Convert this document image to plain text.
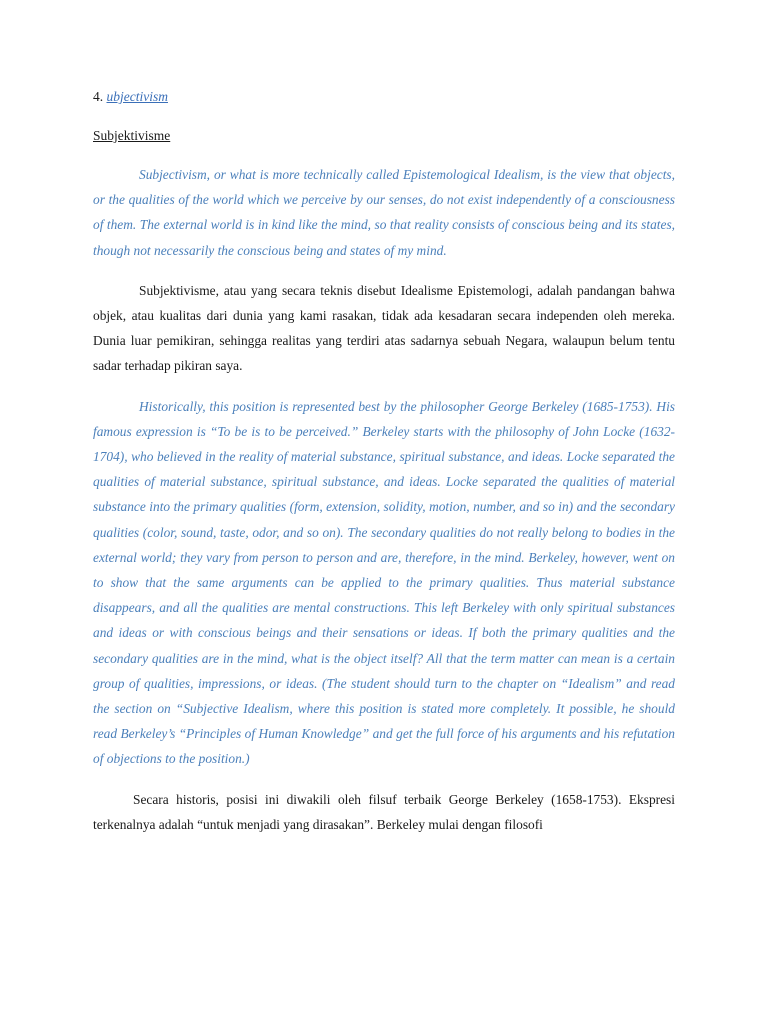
4. ubjectivism
Subjektivisme

Subjectivism, or what is more technically called Epistemological Idealism, is the view that objects, or the qualities of the world which we perceive by our senses, do not exist independently of a consciousness of them. The external world is in kind like the mind, so that reality consists of conscious being and its states, though not necessarily the conscious being and states of my mind.

Subjektivisme, atau yang secara teknis disebut Idealisme Epistemologi, adalah pandangan bahwa objek, atau kualitas dari dunia yang kami rasakan, tidak ada kesadaran secara independen oleh mereka. Dunia luar pemikiran, sehingga realitas yang terdiri atas sadarnya sebuah Negara, walaupun belum tentu sadar terhadap pikiran saya.

Historically, this position is represented best by the philosopher George Berkeley (1685-1753). His famous expression is “To be is to be perceived.” Berkeley starts with the philosophy of John Locke (1632-1704), who believed in the reality of material substance, spiritual substance, and ideas. Locke separated the qualities of material substance, spiritual substance, and ideas. Locke separated the qualities of material substance into the primary qualities (form, extension, solidity, motion, number, and so in) and the secondary qualities (color, sound, taste, odor, and so on). The secondary qualities do not really belong to bodies in the external world; they vary from person to person and are, therefore, in the mind. Berkeley, however, went on to show that the same arguments can be applied to the primary qualities. Thus material substance disappears, and all the qualities are mental constructions. This left Berkeley with only spiritual substances and ideas or with conscious beings and their sensations or ideas. If both the primary qualities and the secondary qualities are in the mind, what is the object itself? All that the term matter can mean is a certain group of qualities, impressions, or ideas. (The student should turn to the chapter on “Idealism” and read the section on “Subjective Idealism, where this position is stated more completely. It possible, he should read Berkeley’s “Principles of Human Knowledge” and get the full force of his arguments and his refutation of objections to the position.)

Secara historis, posisi ini diwakili oleh filsuf terbaik George Berkeley (1658-1753). Ekspresi terkenalnya adalah “untuk menjadi yang dirasakan”. Berkeley mulai dengan filosofi
